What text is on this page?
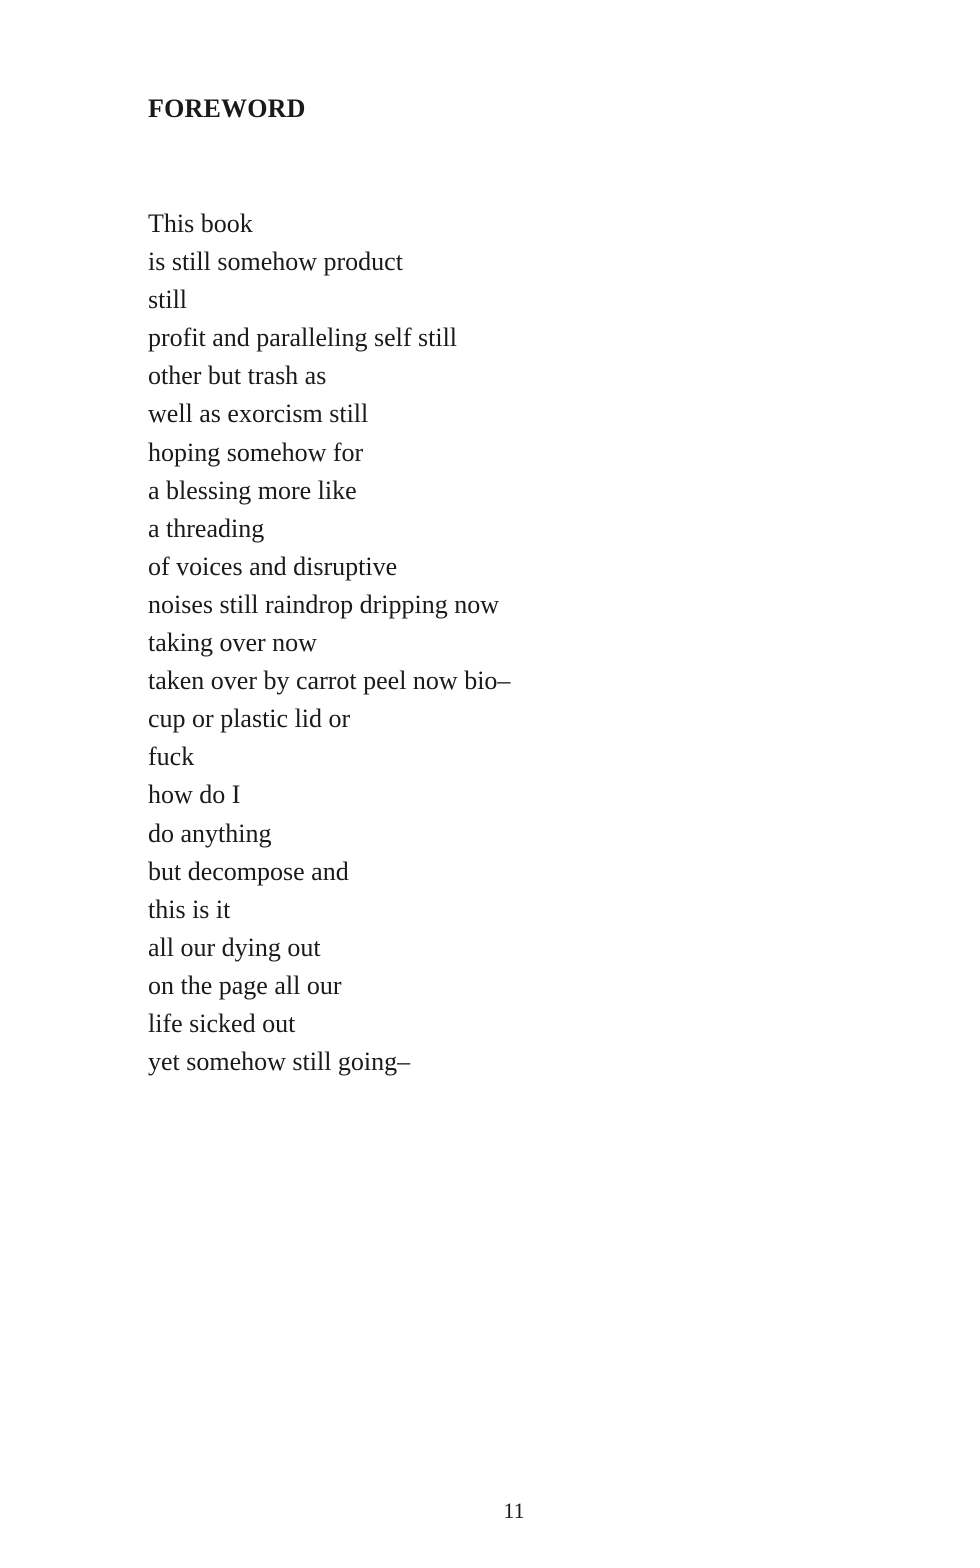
FOREWORD
This book
is still somehow product
still
profit and paralleling self still
other but trash as
well as exorcism still
hoping somehow for
a blessing more like
a threading
of voices and disruptive
noises still raindrop dripping now
taking over now
taken over by carrot peel now bio–
cup or plastic lid or
fuck
how do I
do anything
but decompose and
this is it
all our dying out
on the page all our
life sicked out
yet somehow still going–
11
